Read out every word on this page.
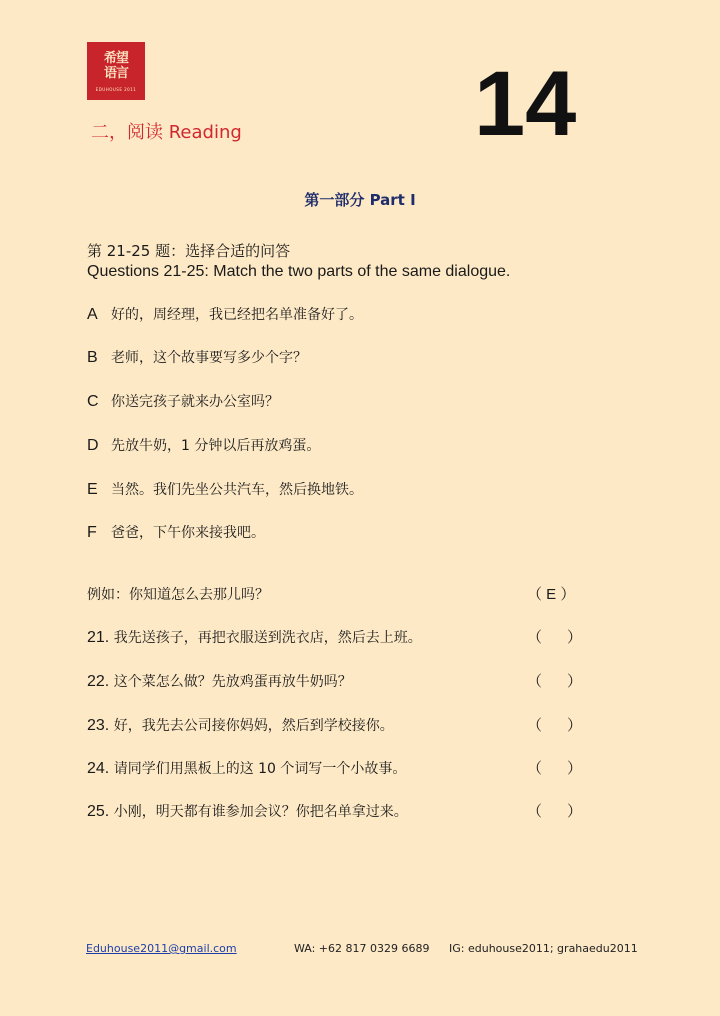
希望
语言
EDUHOUSE 2011
二，阅读 Reading	14
第一部分 Part I
第 21-25 题：选择合适的问答
Questions 21-25: Match the two parts of the same dialogue.
A 好的，周经理，我已经把名单准备好了。
B 老师，这个故事要写多少个字？
C 你送完孩子就来办公室吗？
D 先放牛奶，1 分钟以后再放鸡蛋。
E 当然。我们先坐公共汽车，然后换地铁。
F 爸爸，下午你来接我吧。
例如：你知道怎么去那儿吗？	（ E ）
21. 我先送孩子，再把衣服送到洗衣店，然后去上班。	（      ）
22. 这个菜怎么做？先放鸡蛋再放牛奶吗？	（      ）
23. 好，我先去公司接你妈妈，然后到学校接你。	（      ）
24. 请同学们用黑板上的这 10 个词写一个小故事。	（      ）
25. 小刚，明天都有谁参加会议？你把名单拿过来。	（      ）
Eduhouse2011@gmail.com	WA: +62 817 0329 6689 IG: eduhouse2011; grahaedu2011
